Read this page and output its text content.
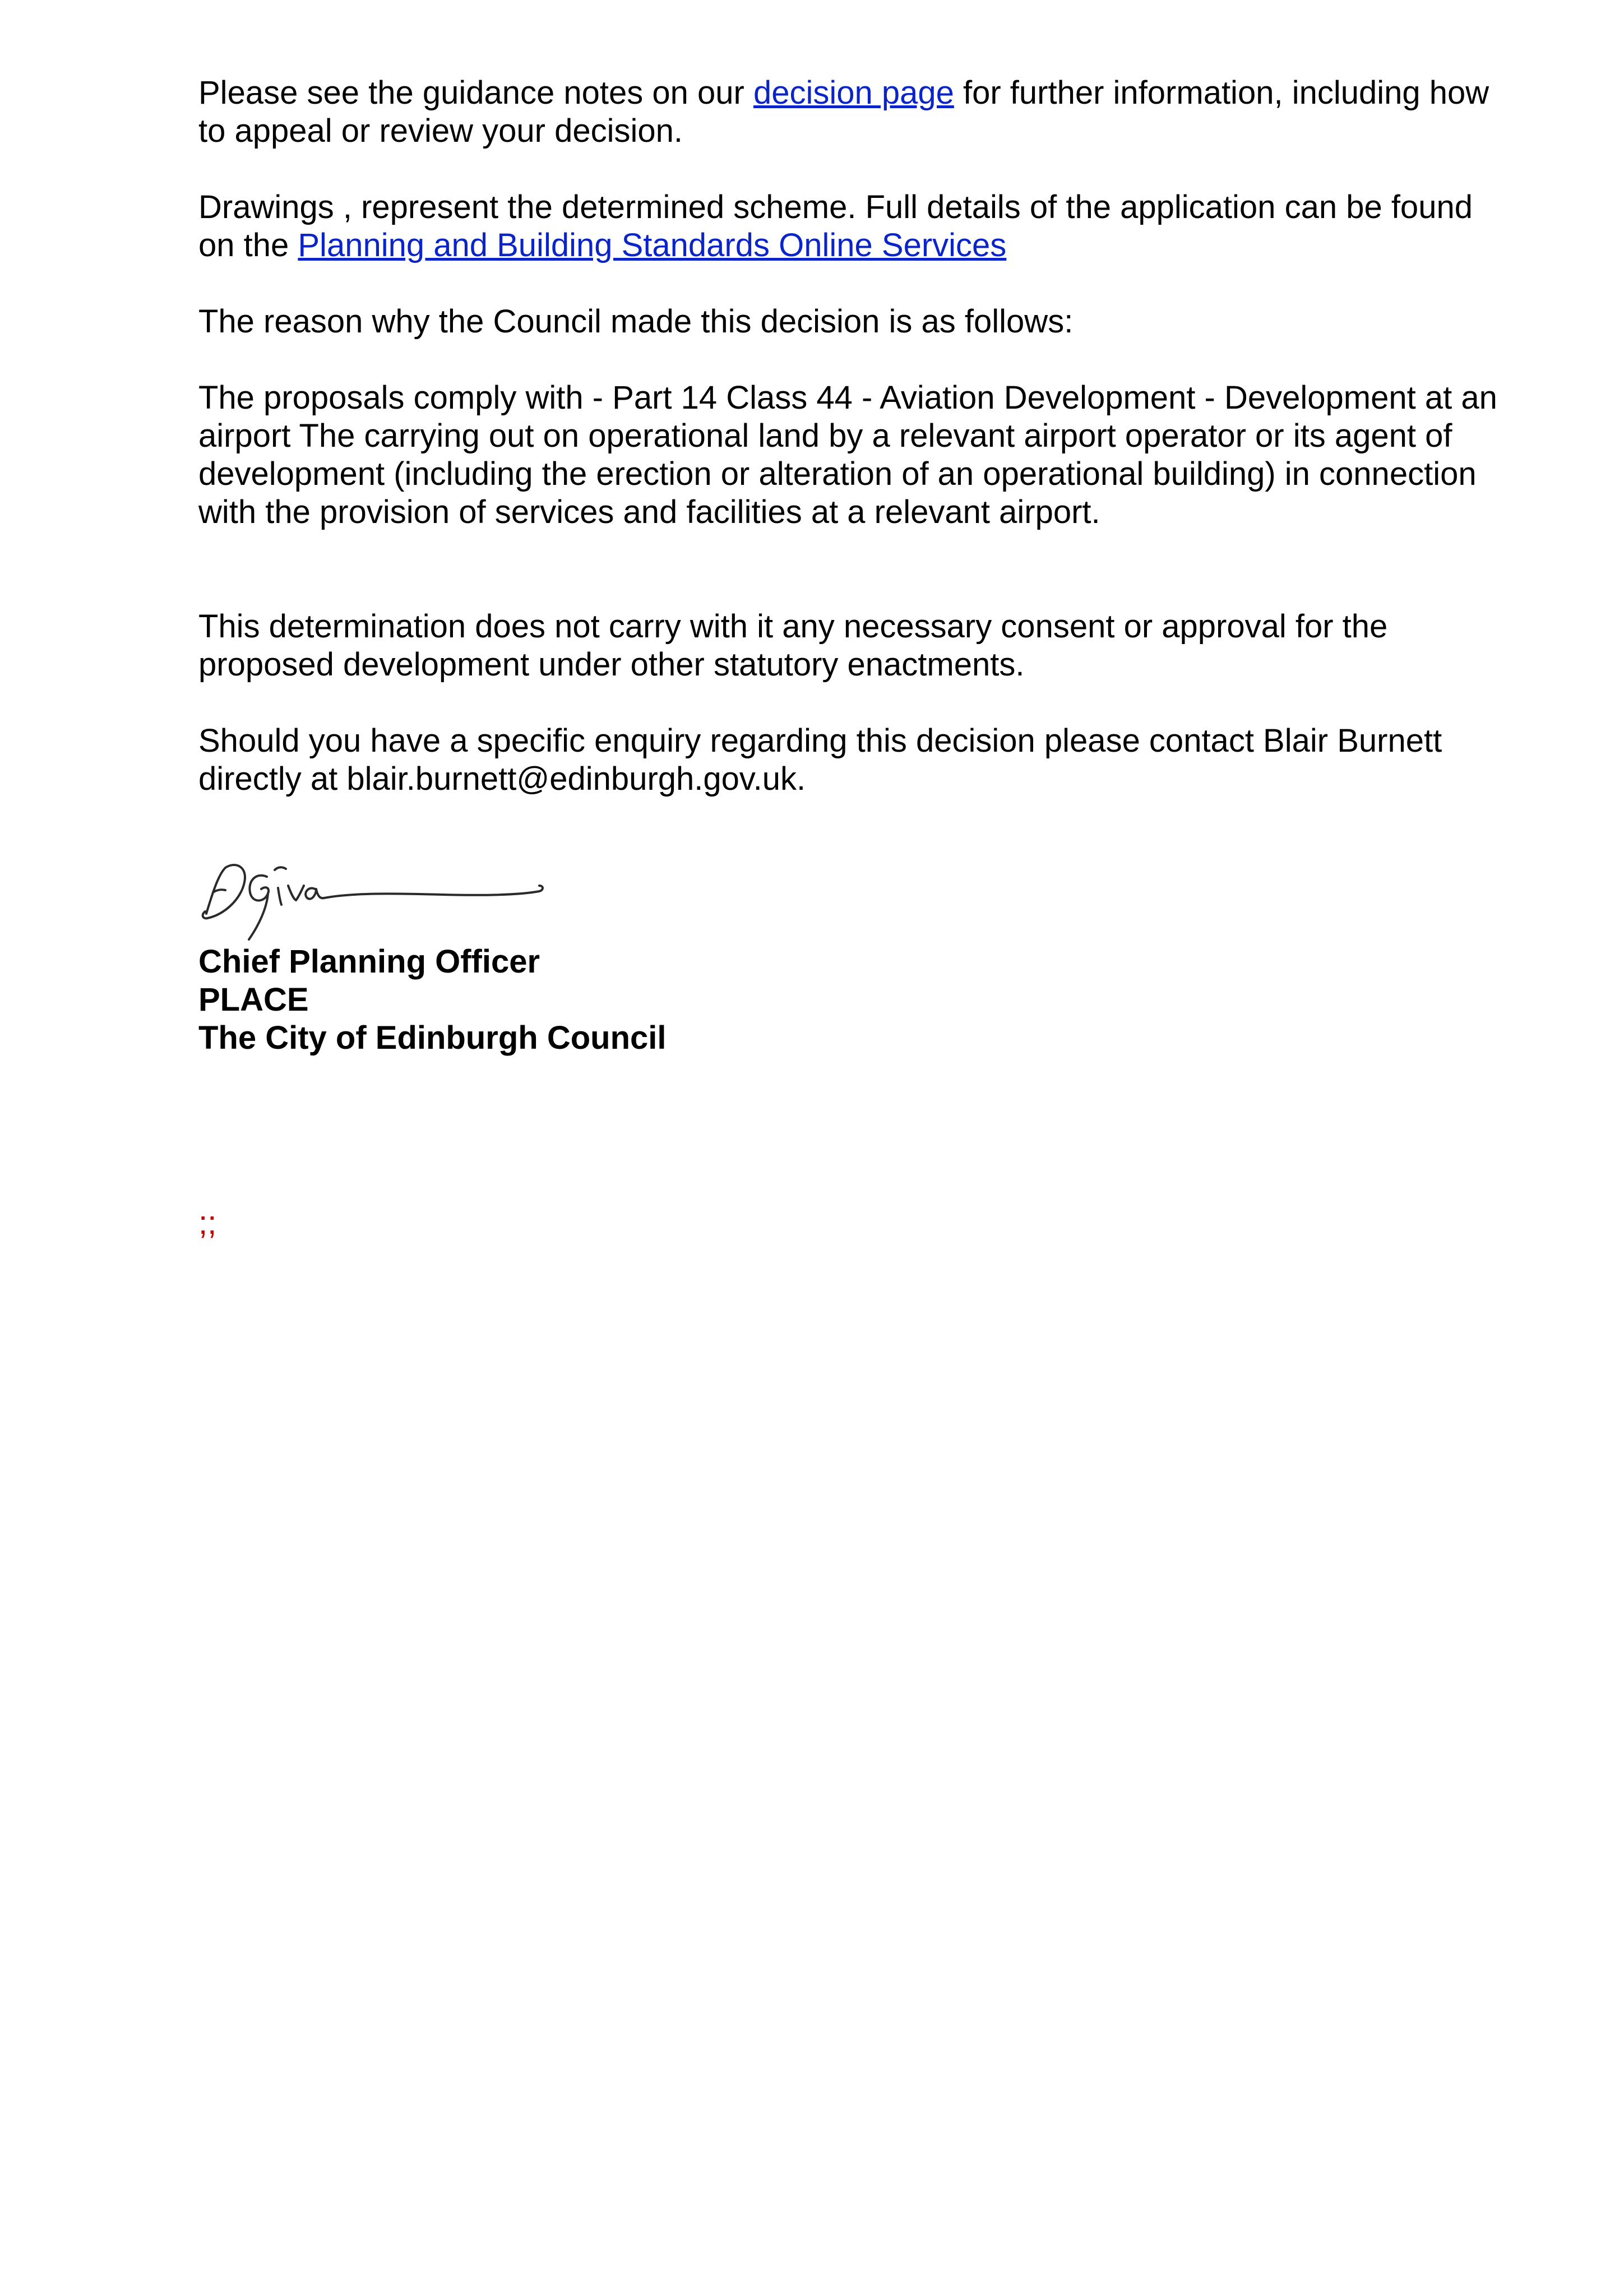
Please see the guidance notes on our decision page for further information, including how to appeal or review your decision.

Drawings , represent the determined scheme. Full details of the application can be found on the Planning and Building Standards Online Services

The reason why the Council made this decision is as follows:

The proposals comply with - Part 14 Class 44 - Aviation Development - Development at an airport The carrying out on operational land by a relevant airport operator or its agent of development (including the erection or alteration of an operational building) in connection with the provision of services and facilities at a relevant airport.

This determination does not carry with it any necessary consent or approval for the proposed development under other statutory enactments.

Should you have a specific enquiry regarding this decision please contact Blair Burnett directly at blair.burnett@edinburgh.gov.uk.

Chief Planning Officer
PLACE
The City of Edinburgh Council
;;
